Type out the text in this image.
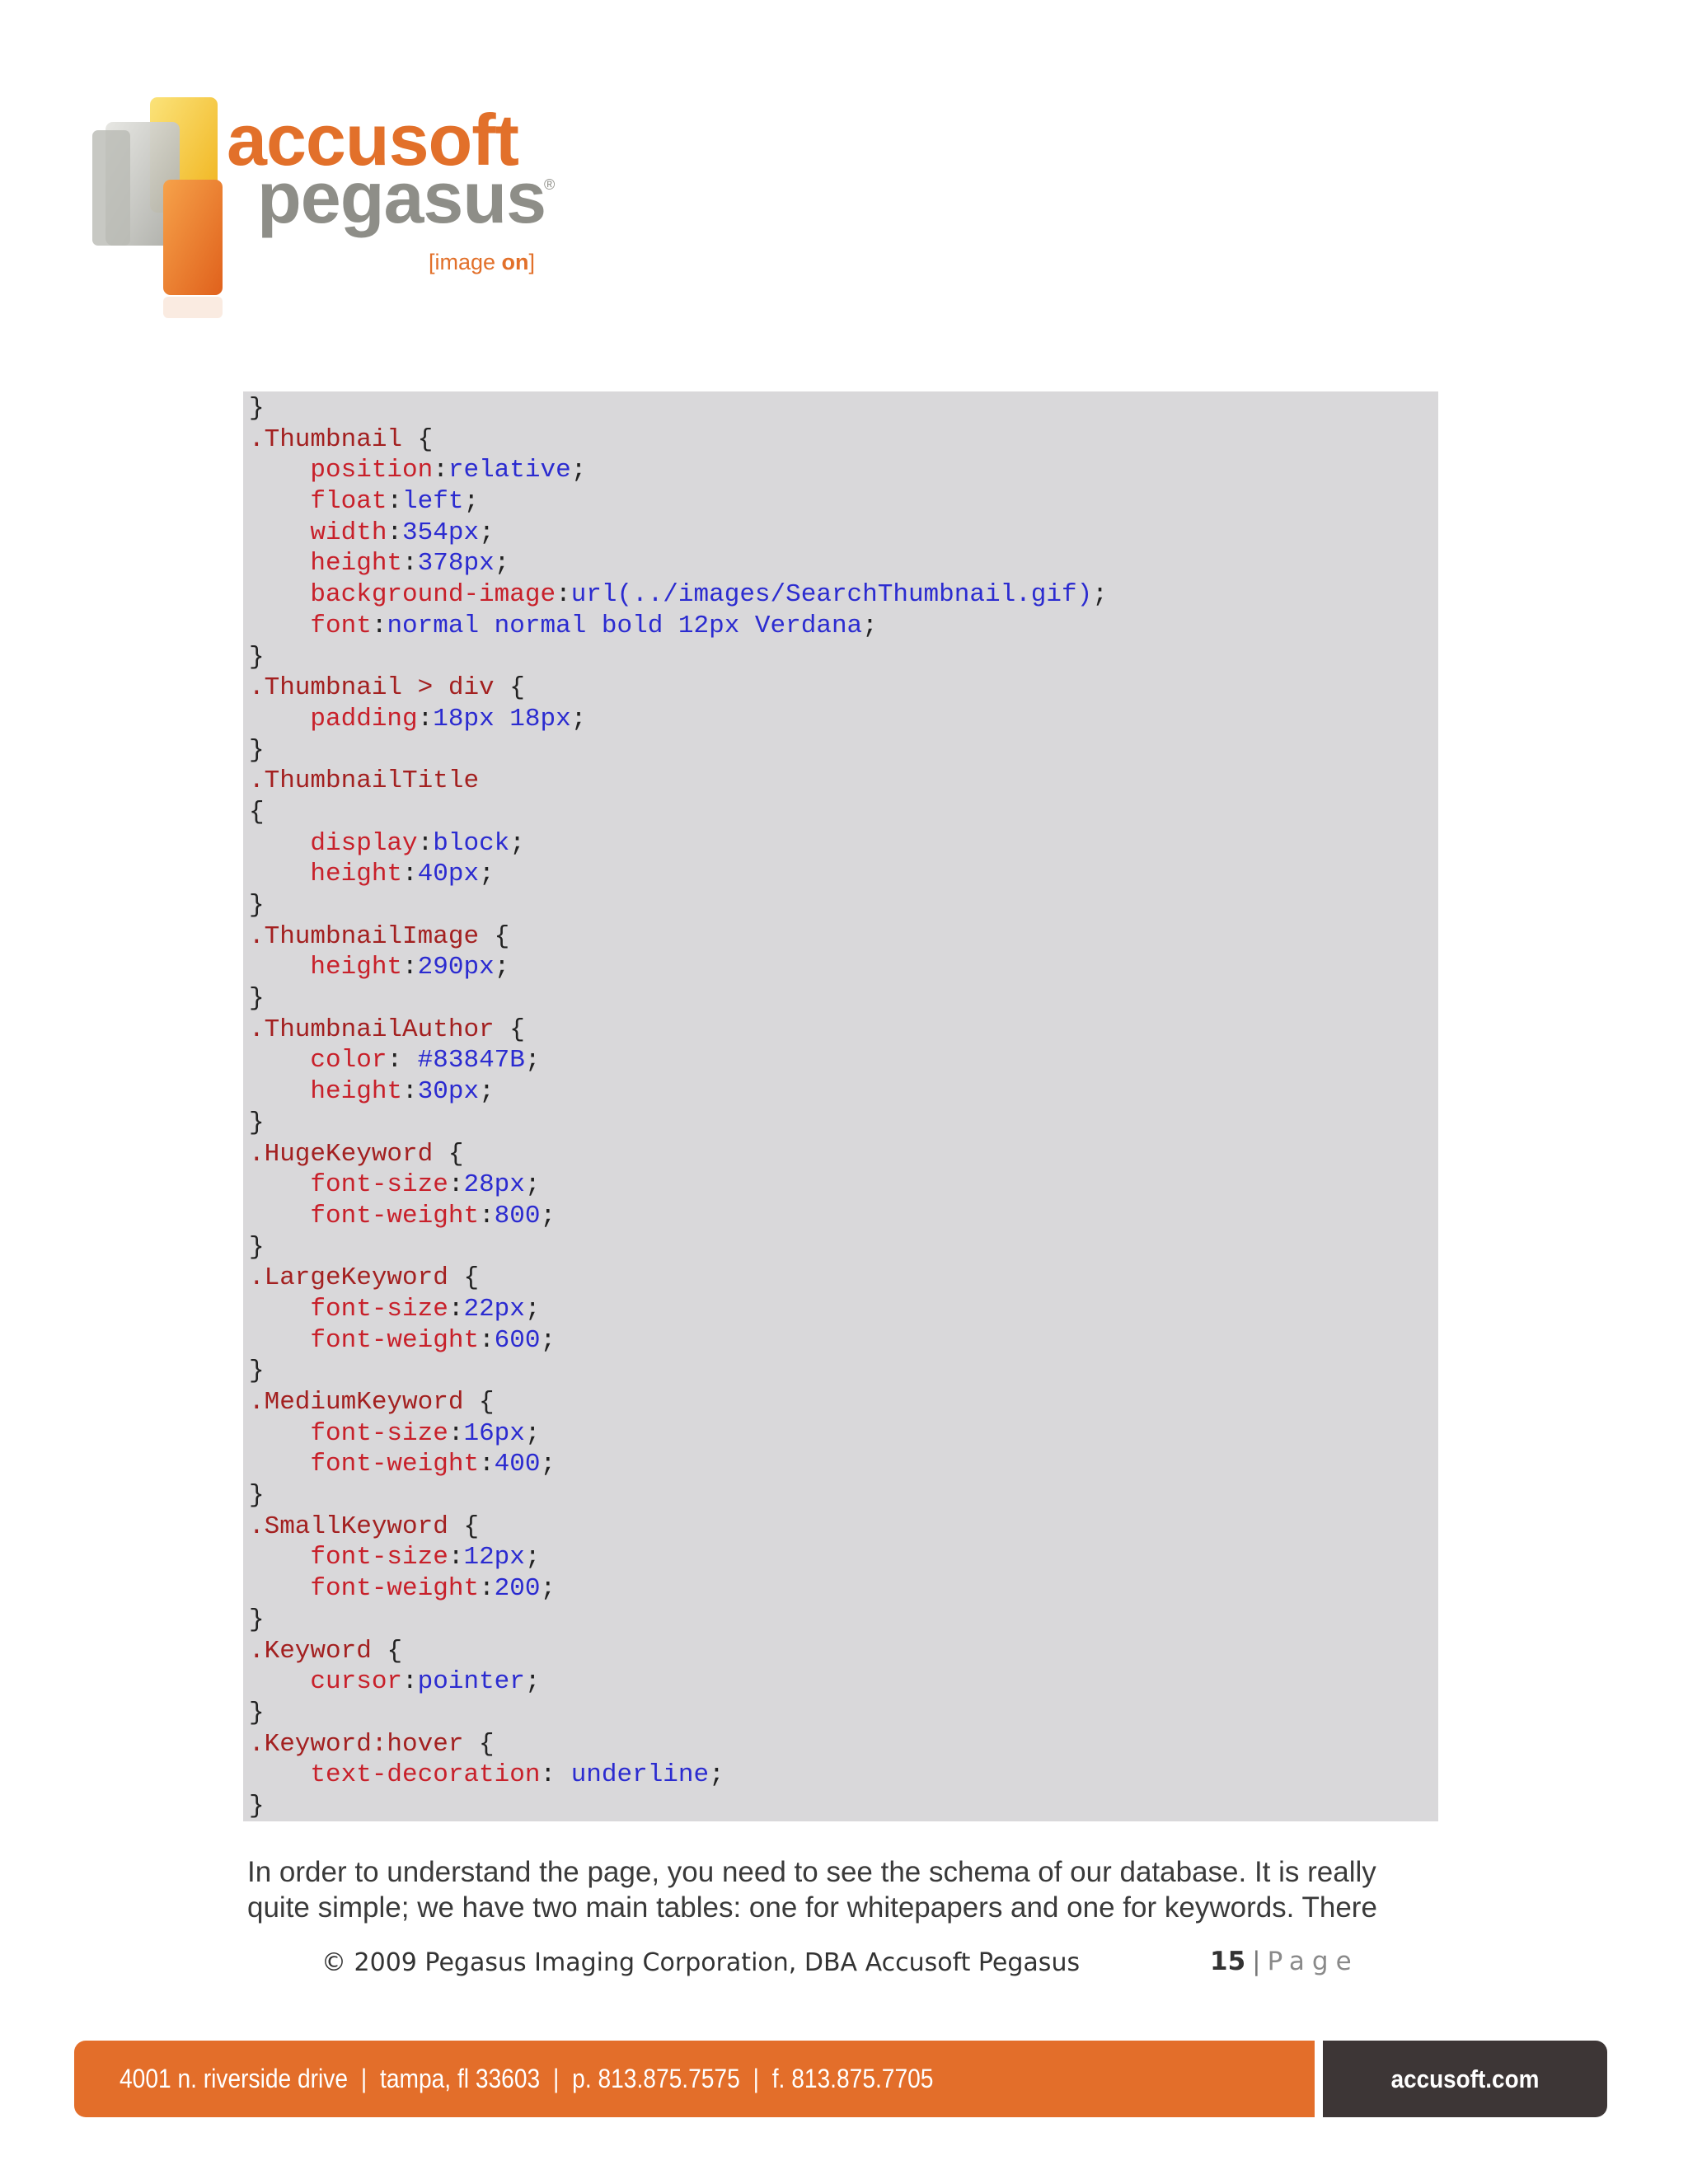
accusoft
pegasus
®
[image on]
}
.Thumbnail {
position:relative;
float:left;
width:354px;
height:378px;
background-image:url(../images/SearchThumbnail.gif);
font:normal normal bold 12px Verdana;
}
.Thumbnail > div {
padding:18px 18px;
}
.ThumbnailTitle
{
display:block;
height:40px;
}
.ThumbnailImage {
height:290px;
}
.ThumbnailAuthor {
color: #83847B;
height:30px;
}
.HugeKeyword {
font-size:28px;
font-weight:800;
}
.LargeKeyword {
font-size:22px;
font-weight:600;
}
.MediumKeyword {
font-size:16px;
font-weight:400;
}
.SmallKeyword {
font-size:12px;
font-weight:200;
}
.Keyword {
cursor:pointer;
}
.Keyword:hover {
text-decoration: underline;
}

In order to understand the page, you need to see the schema of our database. It is really

quite simple; we have two main tables: one for whitepapers and one for keywords. There

© 2009 Pegasus Imaging Corporation, DBA Accusoft Pegasus	15 | Page
4001 n. riverside drive | tampa, fl 33603 | p. 813.875.7575 | f. 813.875.7705	accusoft.com
